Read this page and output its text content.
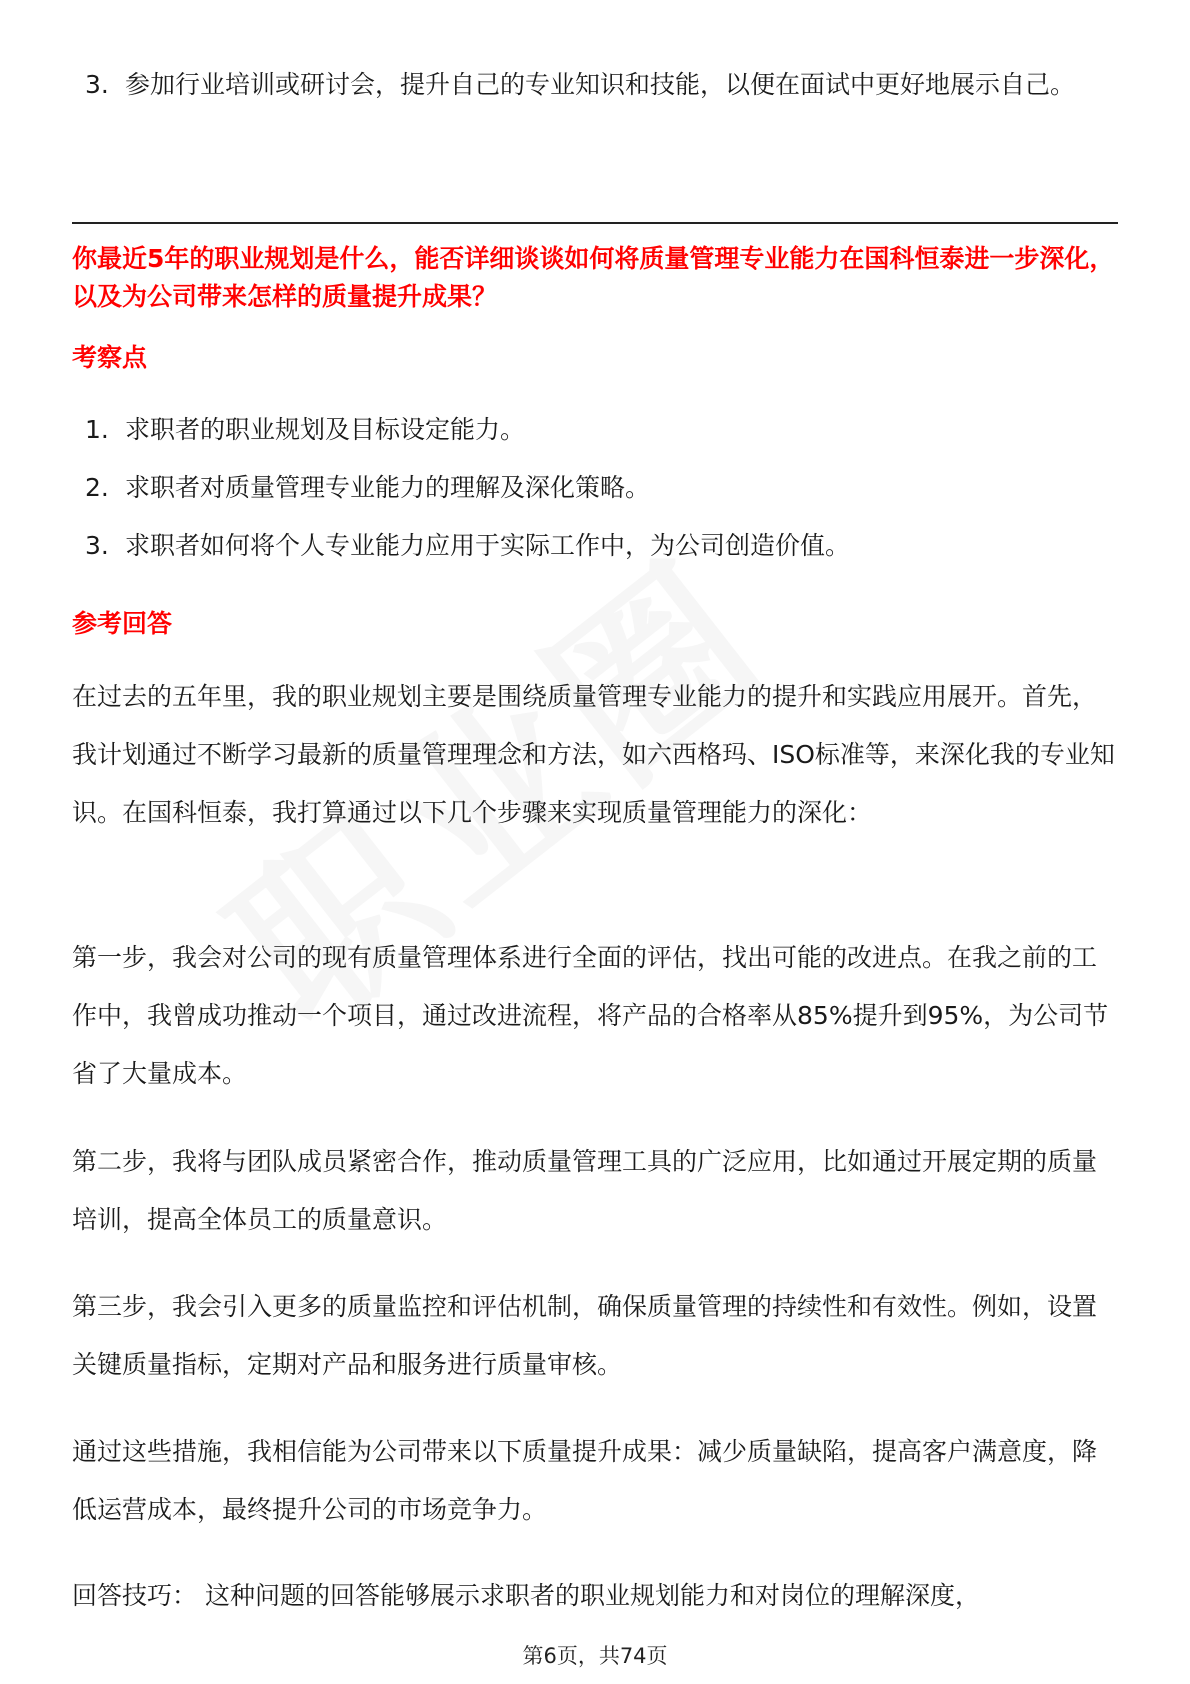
3. 参加行业培训或研讨会，提升自己的专业知识和技能，以便在面试中更好地展示自己。

你最近5年的职业规划是什么，能否详细谈谈如何将质量管理专业能力在国科恒泰进一步深化，以及为公司带来怎样的质量提升成果？

考察点
1. 求职者的职业规划及目标设定能力。
2. 求职者对质量管理专业能力的理解及深化策略。
3. 求职者如何将个人专业能力应用于实际工作中，为公司创造价值。
参考回答

在过去的五年里，我的职业规划主要是围绕质量管理专业能力的提升和实践应用展开。首先，我计划通过不断学习最新的质量管理理念和方法，如六西格玛、ISO标准等，来深化我的专业知识。在国科恒泰，我打算通过以下几个步骤来实现质量管理能力的深化：

第一步，我会对公司的现有质量管理体系进行全面的评估，找出可能的改进点。在我之前的工作中，我曾成功推动一个项目，通过改进流程，将产品的合格率从85%提升到95%，为公司节省了大量成本。

第二步，我将与团队成员紧密合作，推动质量管理工具的广泛应用，比如通过开展定期的质量培训，提高全体员工的质量意识。

第三步，我会引入更多的质量监控和评估机制，确保质量管理的持续性和有效性。例如，设置关键质量指标，定期对产品和服务进行质量审核。

通过这些措施，我相信能为公司带来以下质量提升成果：减少质量缺陷，提高客户满意度，降低运营成本，最终提升公司的市场竞争力。

回答技巧： 这种问题的回答能够展示求职者的职业规划能力和对岗位的理解深度，

第6页，共74页
